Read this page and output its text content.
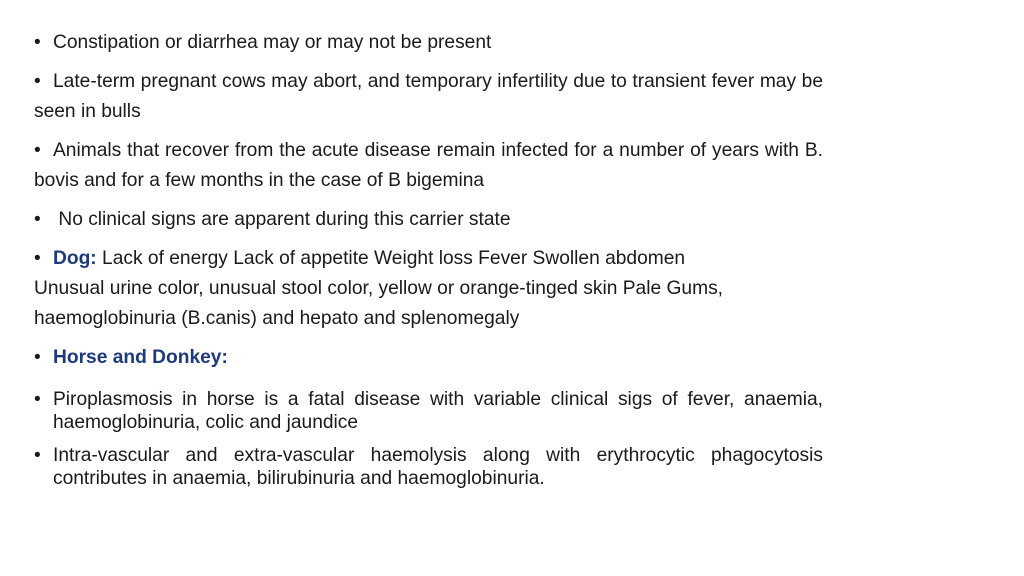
• Constipation or diarrhea may or may not be present

• Late-term pregnant cows may abort, and temporary infertility due to transient fever may be seen in bulls

• Animals that recover from the acute disease remain infected for a number of years with B. bovis and for a few months in the case of B bigemina

• No clinical signs are apparent during this carrier state

• Dog: Lack of energy Lack of appetite Weight loss Fever Swollen abdomen
Unusual urine color, unusual stool color, yellow or orange-tinged skin Pale Gums, haemoglobinuria (B.canis) and hepato and splenomegaly

• Horse and Donkey:

• Piroplasmosis in horse is a fatal disease with variable clinical sigs of fever, anaemia, haemoglobinuria, colic and jaundice

• Intra-vascular and extra-vascular haemolysis along with erythrocytic phagocytosis contributes in anaemia, bilirubinuria and haemoglobinuria.
